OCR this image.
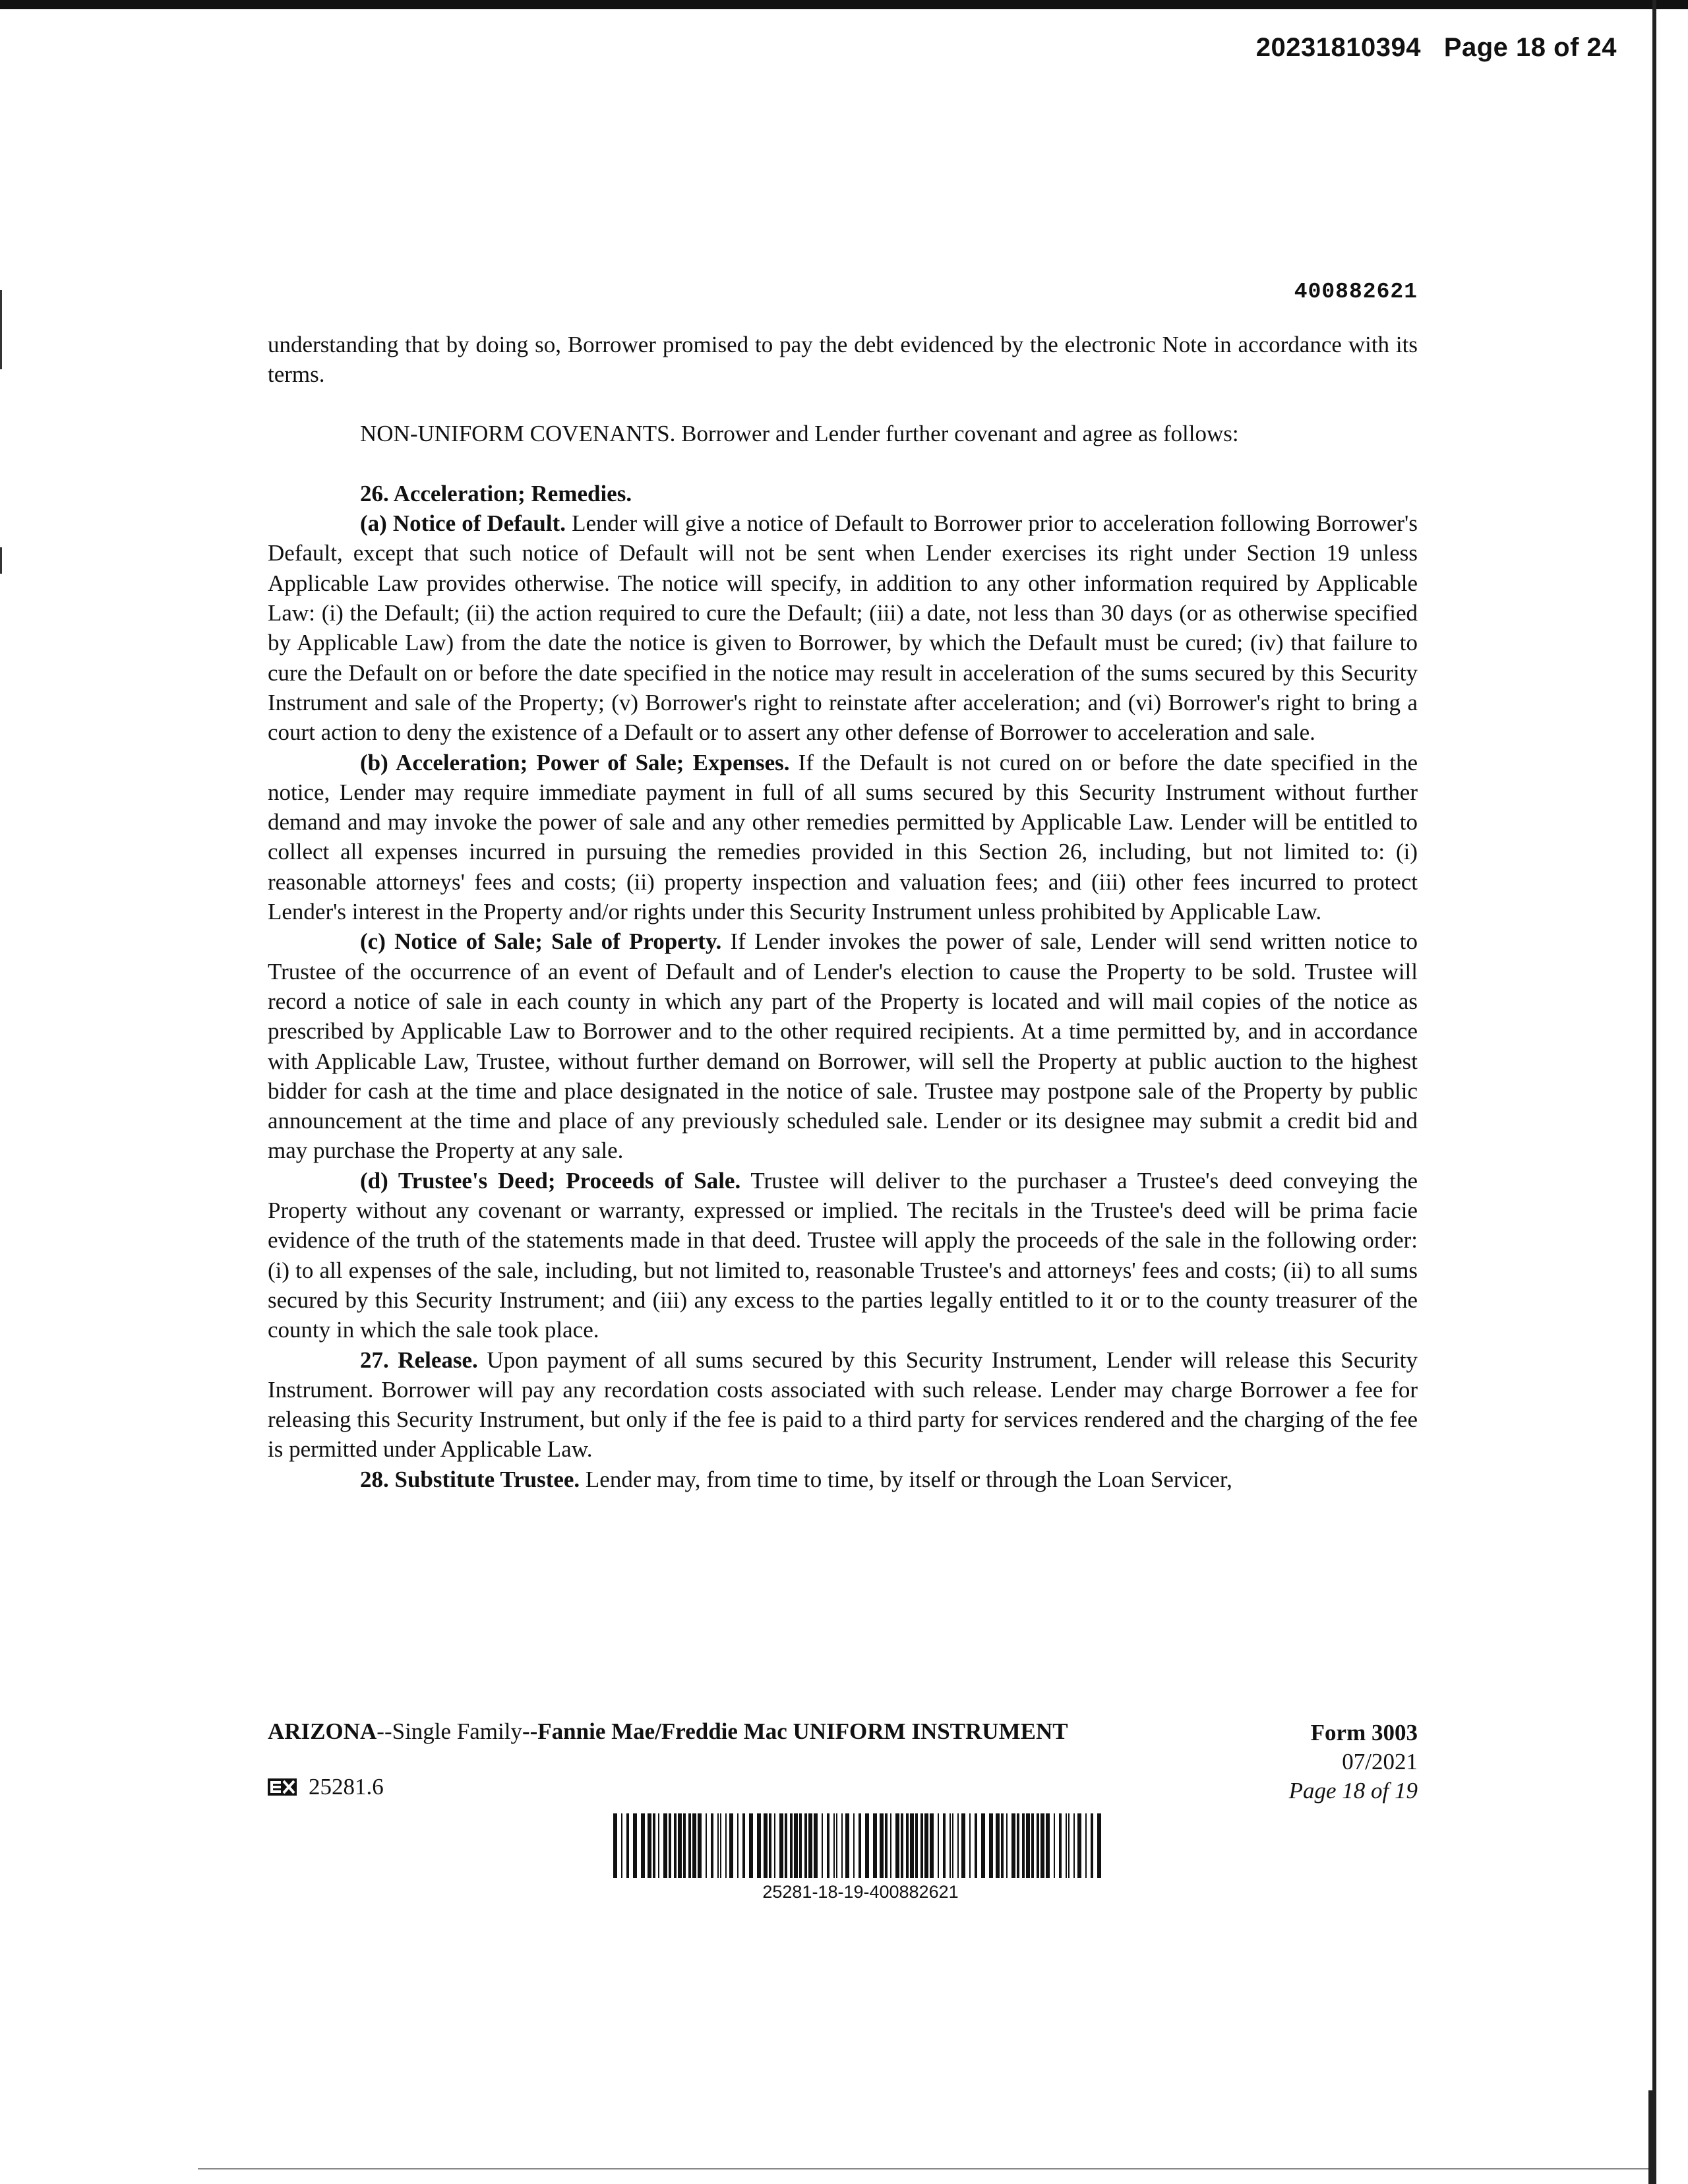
20231810394 Page 18 of 24
400882621

understanding that by doing so, Borrower promised to pay the debt evidenced by the electronic Note in accordance with its terms.

NON-UNIFORM COVENANTS. Borrower and Lender further covenant and agree as follows:

26. Acceleration; Remedies.

(a) Notice of Default. Lender will give a notice of Default to Borrower prior to acceleration following Borrower's Default, except that such notice of Default will not be sent when Lender exercises its right under Section 19 unless Applicable Law provides otherwise. The notice will specify, in addition to any other information required by Applicable Law: (i) the Default; (ii) the action required to cure the Default; (iii) a date, not less than 30 days (or as otherwise specified by Applicable Law) from the date the notice is given to Borrower, by which the Default must be cured; (iv) that failure to cure the Default on or before the date specified in the notice may result in acceleration of the sums secured by this Security Instrument and sale of the Property; (v) Borrower's right to reinstate after acceleration; and (vi) Borrower's right to bring a court action to deny the existence of a Default or to assert any other defense of Borrower to acceleration and sale.

(b) Acceleration; Power of Sale; Expenses. If the Default is not cured on or before the date specified in the notice, Lender may require immediate payment in full of all sums secured by this Security Instrument without further demand and may invoke the power of sale and any other remedies permitted by Applicable Law. Lender will be entitled to collect all expenses incurred in pursuing the remedies provided in this Section 26, including, but not limited to: (i) reasonable attorneys' fees and costs; (ii) property inspection and valuation fees; and (iii) other fees incurred to protect Lender's interest in the Property and/or rights under this Security Instrument unless prohibited by Applicable Law.

(c) Notice of Sale; Sale of Property. If Lender invokes the power of sale, Lender will send written notice to Trustee of the occurrence of an event of Default and of Lender's election to cause the Property to be sold. Trustee will record a notice of sale in each county in which any part of the Property is located and will mail copies of the notice as prescribed by Applicable Law to Borrower and to the other required recipients. At a time permitted by, and in accordance with Applicable Law, Trustee, without further demand on Borrower, will sell the Property at public auction to the highest bidder for cash at the time and place designated in the notice of sale. Trustee may postpone sale of the Property by public announcement at the time and place of any previously scheduled sale. Lender or its designee may submit a credit bid and may purchase the Property at any sale.

(d) Trustee's Deed; Proceeds of Sale. Trustee will deliver to the purchaser a Trustee's deed conveying the Property without any covenant or warranty, expressed or implied. The recitals in the Trustee's deed will be prima facie evidence of the truth of the statements made in that deed. Trustee will apply the proceeds of the sale in the following order: (i) to all expenses of the sale, including, but not limited to, reasonable Trustee's and attorneys' fees and costs; (ii) to all sums secured by this Security Instrument; and (iii) any excess to the parties legally entitled to it or to the county treasurer of the county in which the sale took place.

27. Release. Upon payment of all sums secured by this Security Instrument, Lender will release this Security Instrument. Borrower will pay any recordation costs associated with such release. Lender may charge Borrower a fee for releasing this Security Instrument, but only if the fee is paid to a third party for services rendered and the charging of the fee is permitted under Applicable Law.

28. Substitute Trustee. Lender may, from time to time, by itself or through the Loan Servicer,

ARIZONA--Single Family--Fannie Mae/Freddie Mac UNIFORM INSTRUMENT	Form 3003
07/2021
Page 18 of 19
25281.6
25281-18-19-400882621
